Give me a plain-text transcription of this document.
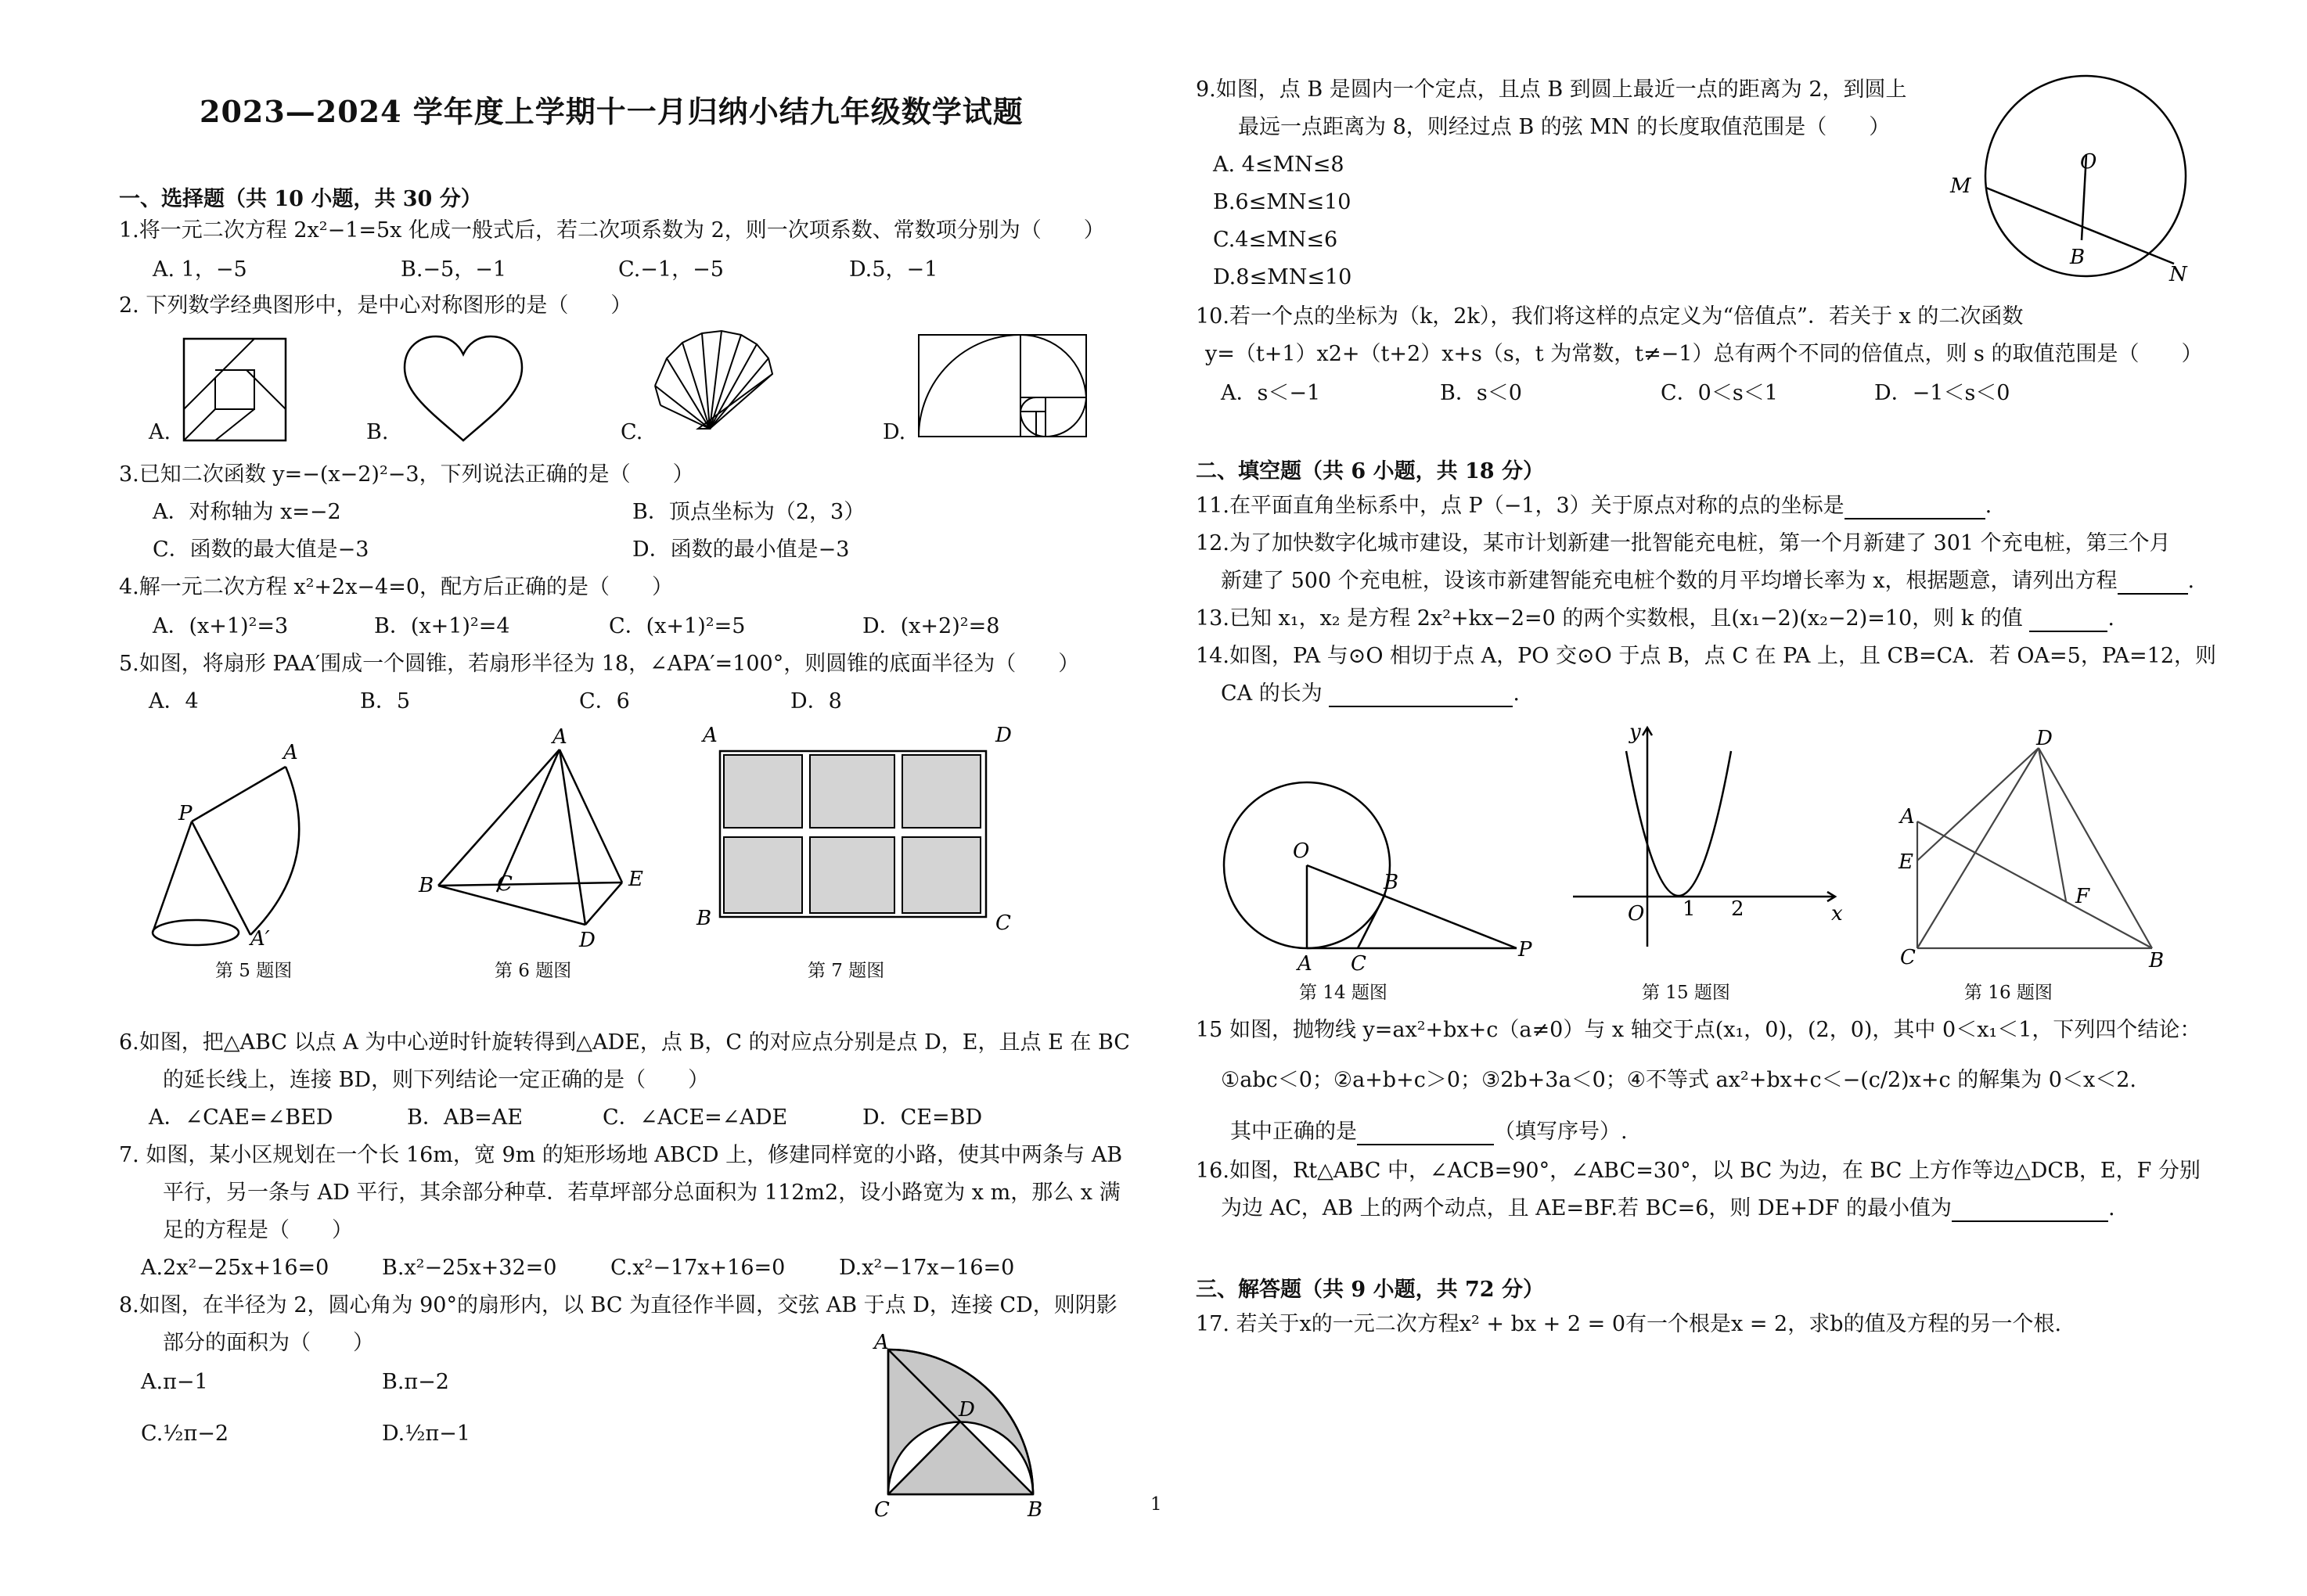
2023—2024 学年度上学期十一月归纳小结九年级数学试题
一、选择题（共 10 小题，共 30 分）
1.将一元二次方程 2x²−1=5x 化成一般式后，若二次项系数为 2，则一次项系数、常数项分别为（　　）
A. 1，−5	B.−5，−1	C.−1，−5	D.5，−1
2. 下列数学经典图形中，是中心对称图形的是（　　）
A.	B.	C.	D.
3.已知二次函数 y=−(x−2)²−3，下列说法正确的是（　　）
A．对称轴为 x=−2	B．顶点坐标为（2，3）
C．函数的最大值是−3	D．函数的最小值是−3
4.解一元二次方程 x²+2x−4=0，配方后正确的是（　　）
A．(x+1)²=3	B．(x+1)²=4	C．(x+1)²=5	D．(x+2)²=8
5.如图，将扇形 PAA′围成一个圆锥，若扇形半径为 18，∠APA′=100°，则圆锥的底面半径为（　　）
A．4	B．5	C．6	D．8
A
P
A′
第 5 题图
A
B	C	E
D
第 6 题图
A	D
B	C
第 7 题图
6.如图，把△ABC 以点 A 为中心逆时针旋转得到△ADE，点 B，C 的对应点分别是点 D，E，且点 E 在 BC
的延长线上，连接 BD，则下列结论一定正确的是（　　）
A．∠CAE=∠BED	B．AB=AE	C．∠ACE=∠ADE	D．CE=BD
7. 如图，某小区规划在一个长 16m，宽 9m 的矩形场地 ABCD 上，修建同样宽的小路，使其中两条与 AB
平行，另一条与 AD 平行，其余部分种草．若草坪部分总面积为 112m2，设小路宽为 x m，那么 x 满
足的方程是（　　）
A.2x²−25x+16=0	B.x²−25x+32=0	C.x²−17x+16=0	D.x²−17x−16=0
8.如图，在半径为 2，圆心角为 90°的扇形内，以 BC 为直径作半圆，交弦 AB 于点 D，连接 CD，则阴影
部分的面积为（　　）
A.π−1	B.π−2
C.½π−2	D.½π−1
A
D
C	B	1
9.如图，点 B 是圆内一个定点，且点 B 到圆上最近一点的距离为 2，到圆上
最远一点距离为 8，则经过点 B 的弦 MN 的长度取值范围是（　　）
A. 4≤MN≤8
B.6≤MN≤10
C.4≤MN≤6
D.8≤MN≤10
O
M
B
N
10.若一个点的坐标为（k，2k），我们将这样的点定义为“倍值点”．若关于 x 的二次函数
y=（t+1）x2+（t+2）x+s（s，t 为常数，t≠−1）总有两个不同的倍值点，则 s 的取值范围是（　　）
A．s＜−1	B．s＜0	C．0＜s＜1	D．−1＜s＜0
二、填空题（共 6 小题，共 18 分）
11.在平面直角坐标系中，点 P（−1，3）关于原点对称的点的坐标是	.
12.为了加快数字化城市建设，某市计划新建一批智能充电桩，第一个月新建了 301 个充电桩，第三个月
新建了 500 个充电桩，设该市新建智能充电桩个数的月平均增长率为 x，根据题意，请列出方程	.
13.已知 x₁，x₂ 是方程 2x²+kx−2=0 的两个实数根，且(x₁−2)(x₂−2)=10，则 k 的值	.
14.如图，PA 与⊙O 相切于点 A，PO 交⊙O 于点 B，点 C 在 PA 上，且 CB=CA．若 OA=5，PA=12，则
CA 的长为	.
O
B
A C
P
第 14 题图
y
x
O 1 2
第 15 题图
D
A
E
F
C	B
第 16 题图
15 如图，抛物线 y=ax²+bx+c（a≠0）与 x 轴交于点(x₁，0)，(2，0)，其中 0＜x₁＜1，下列四个结论：
①abc＜0；②a+b+c＞0；③2b+3a＜0；④不等式 ax²+bx+c＜−(c/2)x+c 的解集为 0＜x＜2.
其中正确的是	（填写序号）.
16.如图，Rt△ABC 中，∠ACB=90°，∠ABC=30°，以 BC 为边，在 BC 上方作等边△DCB，E，F 分别
为边 AC，AB 上的两个动点，且 AE=BF.若 BC=6，则 DE+DF 的最小值为	.
三、解答题（共 9 小题，共 72 分）
17. 若关于x的一元二次方程x² + bx + 2 = 0有一个根是x = 2，求b的值及方程的另一个根.
